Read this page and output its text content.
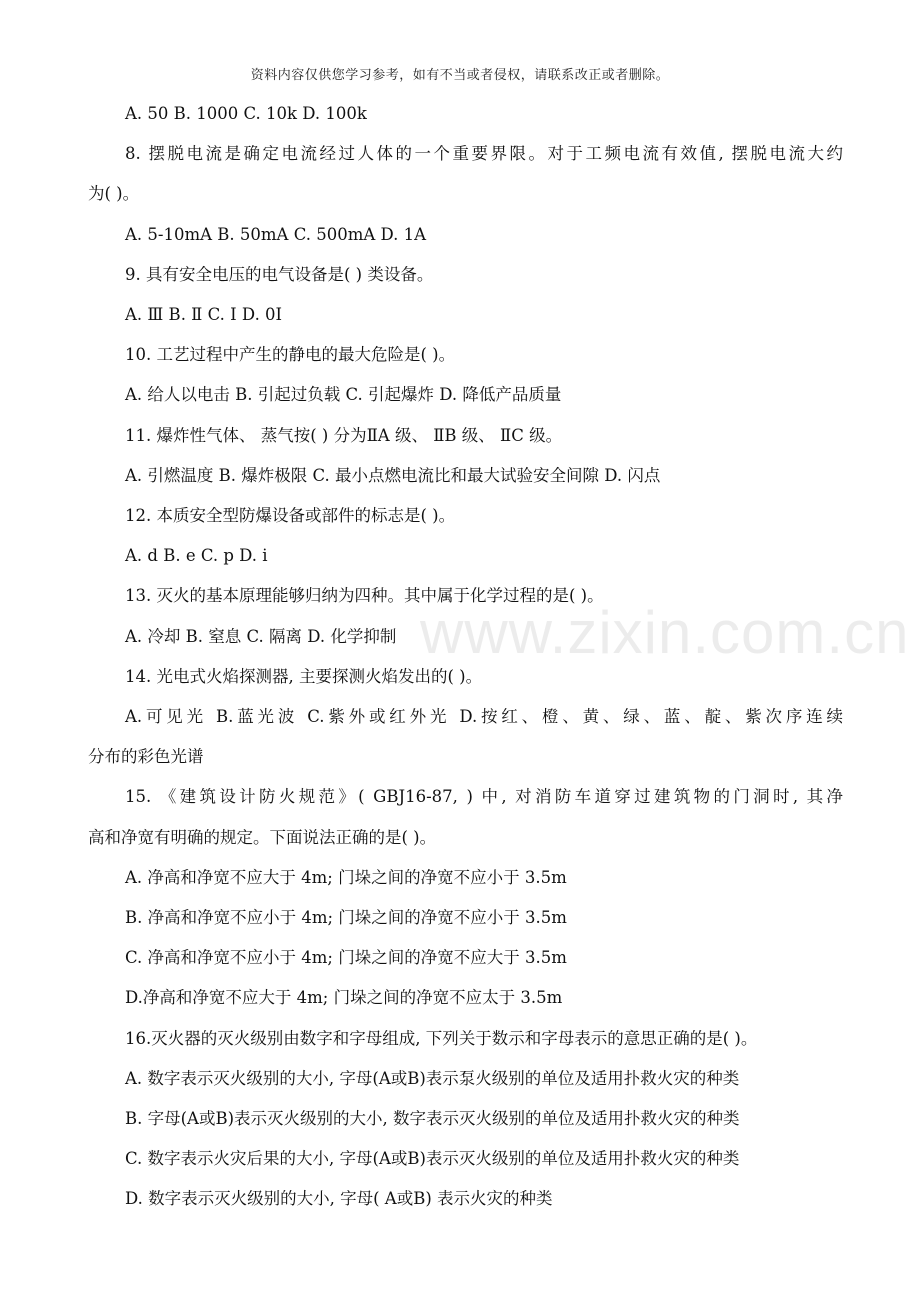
资料内容仅供您学习参考，如有不当或者侵权，请联系改正或者删除。
www.zixin.com.cn

A. 50 B. 1000 C. 10k D. 100k

8. 摆脱电流是确定电流经过人体的一个重要界限。对于工频电流有效值, 摆脱电流大约

为( )。

A. 5-10mA B. 50mA C. 500mA D. 1A

9. 具有安全电压的电气设备是( ) 类设备。

A. Ⅲ B. Ⅱ C. I D. 0I

10. 工艺过程中产生的静电的最大危险是( )。

A. 给人以电击 B. 引起过负载 C. 引起爆炸 D. 降低产品质量

11. 爆炸性气体、 蒸气按( ) 分为ⅡA 级、 ⅡB 级、 ⅡC 级。

A. 引燃温度 B. 爆炸极限 C. 最小点燃电流比和最大试验安全间隙 D. 闪点

12. 本质安全型防爆设备或部件的标志是( )。

A. d B. e C. p D. i

13. 灭火的基本原理能够归纳为四种。其中属于化学过程的是( )。

A. 冷却 B. 窒息 C. 隔离 D. 化学抑制

14. 光电式火焰探测器, 主要探测火焰发出的( )。

A.可见光 B.蓝光波 C.紫外或红外光 D.按红、橙、黄、绿、蓝、靛、紫次序连续

分布的彩色光谱

15. 《建筑设计防火规范》( GBJ16-87, ) 中, 对消防车道穿过建筑物的门洞时, 其净

高和净宽有明确的规定。下面说法正确的是( )。

A. 净高和净宽不应大于 4m; 门垛之间的净宽不应小于 3.5m

B. 净高和净宽不应小于 4m; 门垛之间的净宽不应小于 3.5m

C. 净高和净宽不应小于 4m; 门垛之间的净宽不应大于 3.5m

D.净高和净宽不应大于 4m; 门垛之间的净宽不应太于 3.5m

16.灭火器的灭火级别由数字和字母组成, 下列关于数示和字母表示的意思正确的是( )。

A. 数字表示灭火级别的大小, 字母(A或B)表示泵火级别的单位及适用扑救火灾的种类

B. 字母(A或B)表示灭火级别的大小, 数字表示灭火级别的单位及适用扑救火灾的种类

C. 数字表示火灾后果的大小, 字母(A或B)表示灭火级别的单位及适用扑救火灾的种类

D. 数字表示灭火级别的大小, 字母( A或B) 表示火灾的种类
